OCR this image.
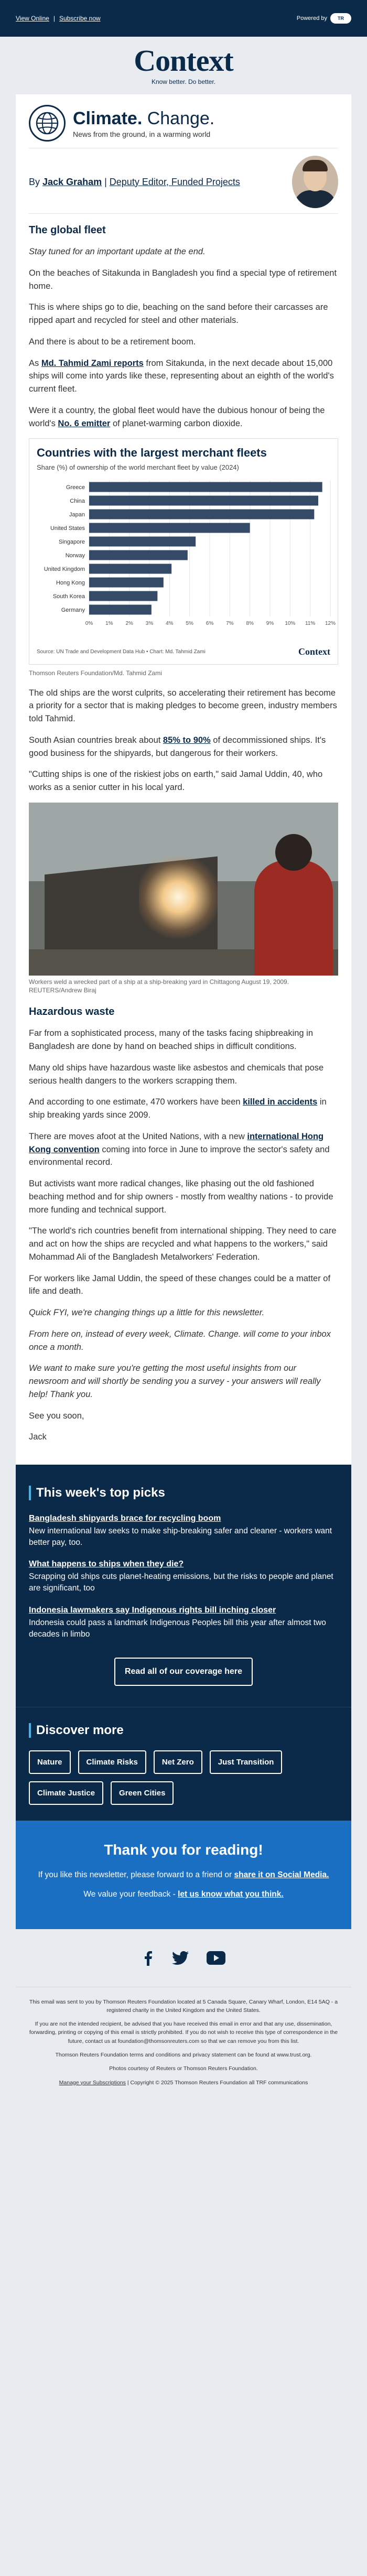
View Online | Subscribe now	Powered by	TR
Context
Know better. Do better.
Climate. Change.
News from the ground, in a warming world
By Jack Graham | Deputy Editor, Funded Projects
The global fleet

Stay tuned for an important update at the end.

On the beaches of Sitakunda in Bangladesh you find a special type of retirement home.

This is where ships go to die, beaching on the sand before their carcasses are ripped apart and recycled for steel and other materials.

And there is about to be a retirement boom.

As Md. Tahmid Zami reports from Sitakunda, in the next decade about 15,000 ships will come into yards like these, representing about an eighth of the world's current fleet.

Were it a country, the global fleet would have the dubious honour of being the world's No. 6 emitter of planet-warming carbon dioxide.

Countries with the largest merchant fleets
Share (%) of ownership of the world merchant fleet by value (2024)
0% 1% 2% 3% 4% 5% 6% 7% 8% 9% 10% 11% 12%
Greece
China
Japan
United States
Singapore
Norway
United Kingdom
Hong Kong
South Korea
Germany
Source: UN Trade and Development Data Hub • Chart: Md. Tahmid Zami	Context
Thomson Reuters Foundation/Md. Tahmid Zami

The old ships are the worst culprits, so accelerating their retirement has become a priority for a sector that is making pledges to become green, industry members told Tahmid.

South Asian countries break about 85% to 90% of decommissioned ships. It's good business for the shipyards, but dangerous for their workers.

"Cutting ships is one of the riskiest jobs on earth," said Jamal Uddin, 40, who works as a senior cutter in his local yard.

Workers weld a wrecked part of a ship at a ship-breaking yard in Chittagong August 19, 2009. REUTERS/Andrew Biraj
Hazardous waste

Far from a sophisticated process, many of the tasks facing shipbreaking in Bangladesh are done by hand on beached ships in difficult conditions.

Many old ships have hazardous waste like asbestos and chemicals that pose serious health dangers to the workers scrapping them.

And according to one estimate, 470 workers have been killed in accidents in ship breaking yards since 2009.

There are moves afoot at the United Nations, with a new international Hong Kong convention coming into force in June to improve the sector's safety and environmental record.

But activists want more radical changes, like phasing out the old fashioned beaching method and for ship owners - mostly from wealthy nations - to provide more funding and technical support.

"The world's rich countries benefit from international shipping. They need to care and act on how the ships are recycled and what happens to the workers," said Mohammad Ali of the Bangladesh Metalworkers' Federation.

For workers like Jamal Uddin, the speed of these changes could be a matter of life and death.

Quick FYI, we're changing things up a little for this newsletter.

From here on, instead of every week, Climate. Change. will come to your inbox once a month.

We want to make sure you're getting the most useful insights from our newsroom and will shortly be sending you a survey - your answers will really help! Thank you.

See you soon,

Jack
This week's top picks
Bangladesh shipyards brace for recycling boom
New international law seeks to make ship-breaking safer and cleaner - workers want better pay, too.
What happens to ships when they die?
Scrapping old ships cuts planet-heating emissions, but the risks to people and planet are significant, too
Indonesia lawmakers say Indigenous rights bill inching closer
Indonesia could pass a landmark Indigenous Peoples bill this year after almost two decades in limbo
Read all of our coverage here
Discover more
Nature	Climate Risks	Net Zero	Just Transition
Climate Justice	Green Cities
Thank you for reading!

If you like this newsletter, please forward to a friend or share it on Social Media.

We value your feedback - let us know what you think.

This email was sent to you by Thomson Reuters Foundation located at 5 Canada Square, Canary Wharf, London, E14 5AQ - a registered charity in the United Kingdom and the United States.

If you are not the intended recipient, be advised that you have received this email in error and that any use, dissemination, forwarding, printing or copying of this email is strictly prohibited. If you do not wish to receive this type of correspondence in the future, contact us at foundation@thomsonreuters.com so that we can remove you from this list.

Thomson Reuters Foundation terms and conditions and privacy statement can be found at www.trust.org.

Photos courtesy of Reuters or Thomson Reuters Foundation.

Manage your Subscriptions | Copyright © 2025 Thomson Reuters Foundation all TRF communications
